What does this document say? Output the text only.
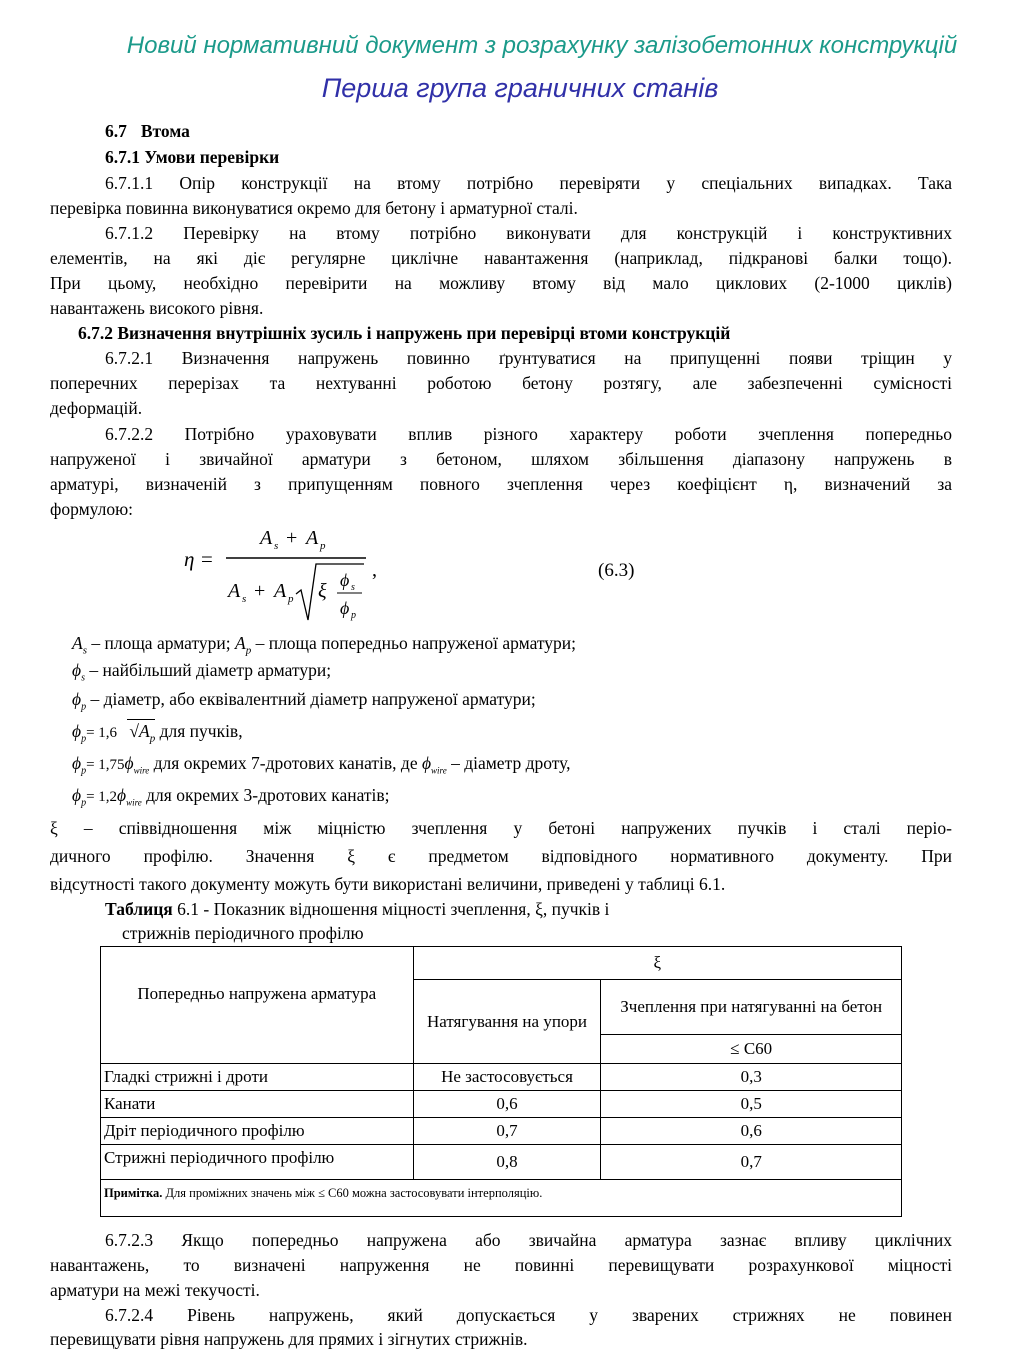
Новий нормативний документ з розрахунку залізобетонних конструкцій
Перша група граничних станів
6.7 Втома
6.7.1 Умови перевірки
6.7.1.1 Опір конструкції на втому потрібно перевіряти у спеціальних випадках. Така
перевірка повинна виконуватися окремо для бетону і арматурної сталі.
6.7.1.2 Перевірку на втому потрібно виконувати для конструкцій і конструктивних
елементів, на які діє регулярне циклічне навантаження (наприклад, підкранові балки тощо).
При цьому, необхідно перевірити на можливу втому від мало циклових (2-1000 циклів)
навантажень високого рівня.
6.7.2 Визначення внутрішніх зусиль і напружень при перевірці втоми конструкцій
6.7.2.1 Визначення напружень повинно ґрунтуватися на припущенні появи тріщин у
поперечних перерізах та нехтуванні роботою бетону розтягу, але забезпеченні сумісності
деформацій.
6.7.2.2 Потрібно ураховувати вплив різного характеру роботи зчеплення попередньо
напруженої і звичайної арматури з бетоном, шляхом збільшення діапазону напружень в
арматурі, визначеній з припущенням повного зчеплення через коефіцієнт η, визначений за
формулою:
η =
A s + A p
A s + A p ξ ϕ s
ϕ p
,	(6.3)
$A_s$ – площа арматури; $A_p$ – площа попередньо напруженої арматури;
$\phi_s$ – найбільший діаметр арматури;
$\phi_p$ – діаметр, або еквівалентний діаметр напруженої арматури;
$\phi_p= 1,6$ $√A_p$ для пучків,
$\phi_p= 1,75\phi_{wire}$ для окремих 7-дротових канатів, де $\phi_{wire}$ – діаметр дроту,
$\phi_p= 1,2\phi_{wire}$ для окремих 3-дротових канатів;
ξ – співвідношення між міцністю зчеплення у бетоні напружених пучків і сталі періо-
дичного профілю. Значення ξ є предметом відповідного нормативного документу. При
відсутності такого документу можуть бути використані величини, приведені у таблиці 6.1.
Таблиця 6.1 - Показник відношення міцності зчеплення, ξ, пучків і
стрижнів періодичного профілю
Попередньо напружена арматура	ξ	
	Натягування на упори	Зчеплення при натягуванні на бетон
		≤ C60
Гладкі стрижні і дроти	Не застосовується	0,3
Канати	0,6	0,5
Дріт періодичного профілю	0,7	0,6
Стрижні періодичного профілю	0,8	0,7
Примітка. Для проміжних значень між ≤ C60 можна застосовувати інтерполяцію.		
6.7.2.3 Якщо попередньо напружена або звичайна арматура зазнає впливу циклічних
навантажень, то визначені напруження не повинні перевищувати розрахункової міцності
арматури на межі текучості.
6.7.2.4 Рівень напружень, який допускається у зварених стрижнях не повинен
перевищувати рівня напружень для прямих і зігнутих стрижнів.
